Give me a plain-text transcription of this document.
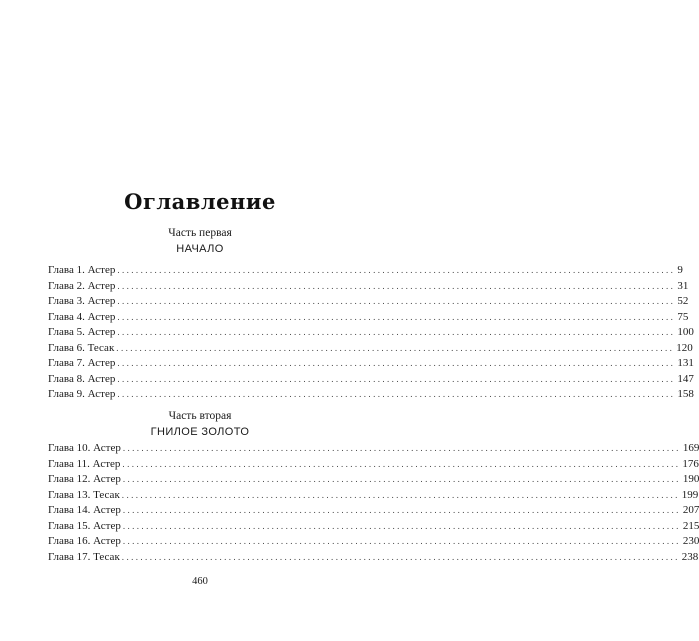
Оглавление
Часть первая
НАЧАЛО
Глава 1. Астер ........................................................................................................................ 9
Глава 2. Астер ........................................................................................................................ 31
Глава 3. Астер ........................................................................................................................ 52
Глава 4. Астер ........................................................................................................................ 75
Глава 5. Астер ........................................................................................................................ 100
Глава 6. Тесак ........................................................................................................................ 120
Глава 7. Астер ........................................................................................................................ 131
Глава 8. Астер ........................................................................................................................ 147
Глава 9. Астер ........................................................................................................................ 158
Часть вторая
ГНИЛОЕ ЗОЛОТО
Глава 10. Астер ........................................................................................................................ 169
Глава 11. Астер ........................................................................................................................ 176
Глава 12. Астер ........................................................................................................................ 190
Глава 13. Тесак ........................................................................................................................ 199
Глава 14. Астер ........................................................................................................................ 207
Глава 15. Астер ........................................................................................................................ 215
Глава 16. Астер ........................................................................................................................ 230
Глава 17. Тесак ........................................................................................................................ 238
460
